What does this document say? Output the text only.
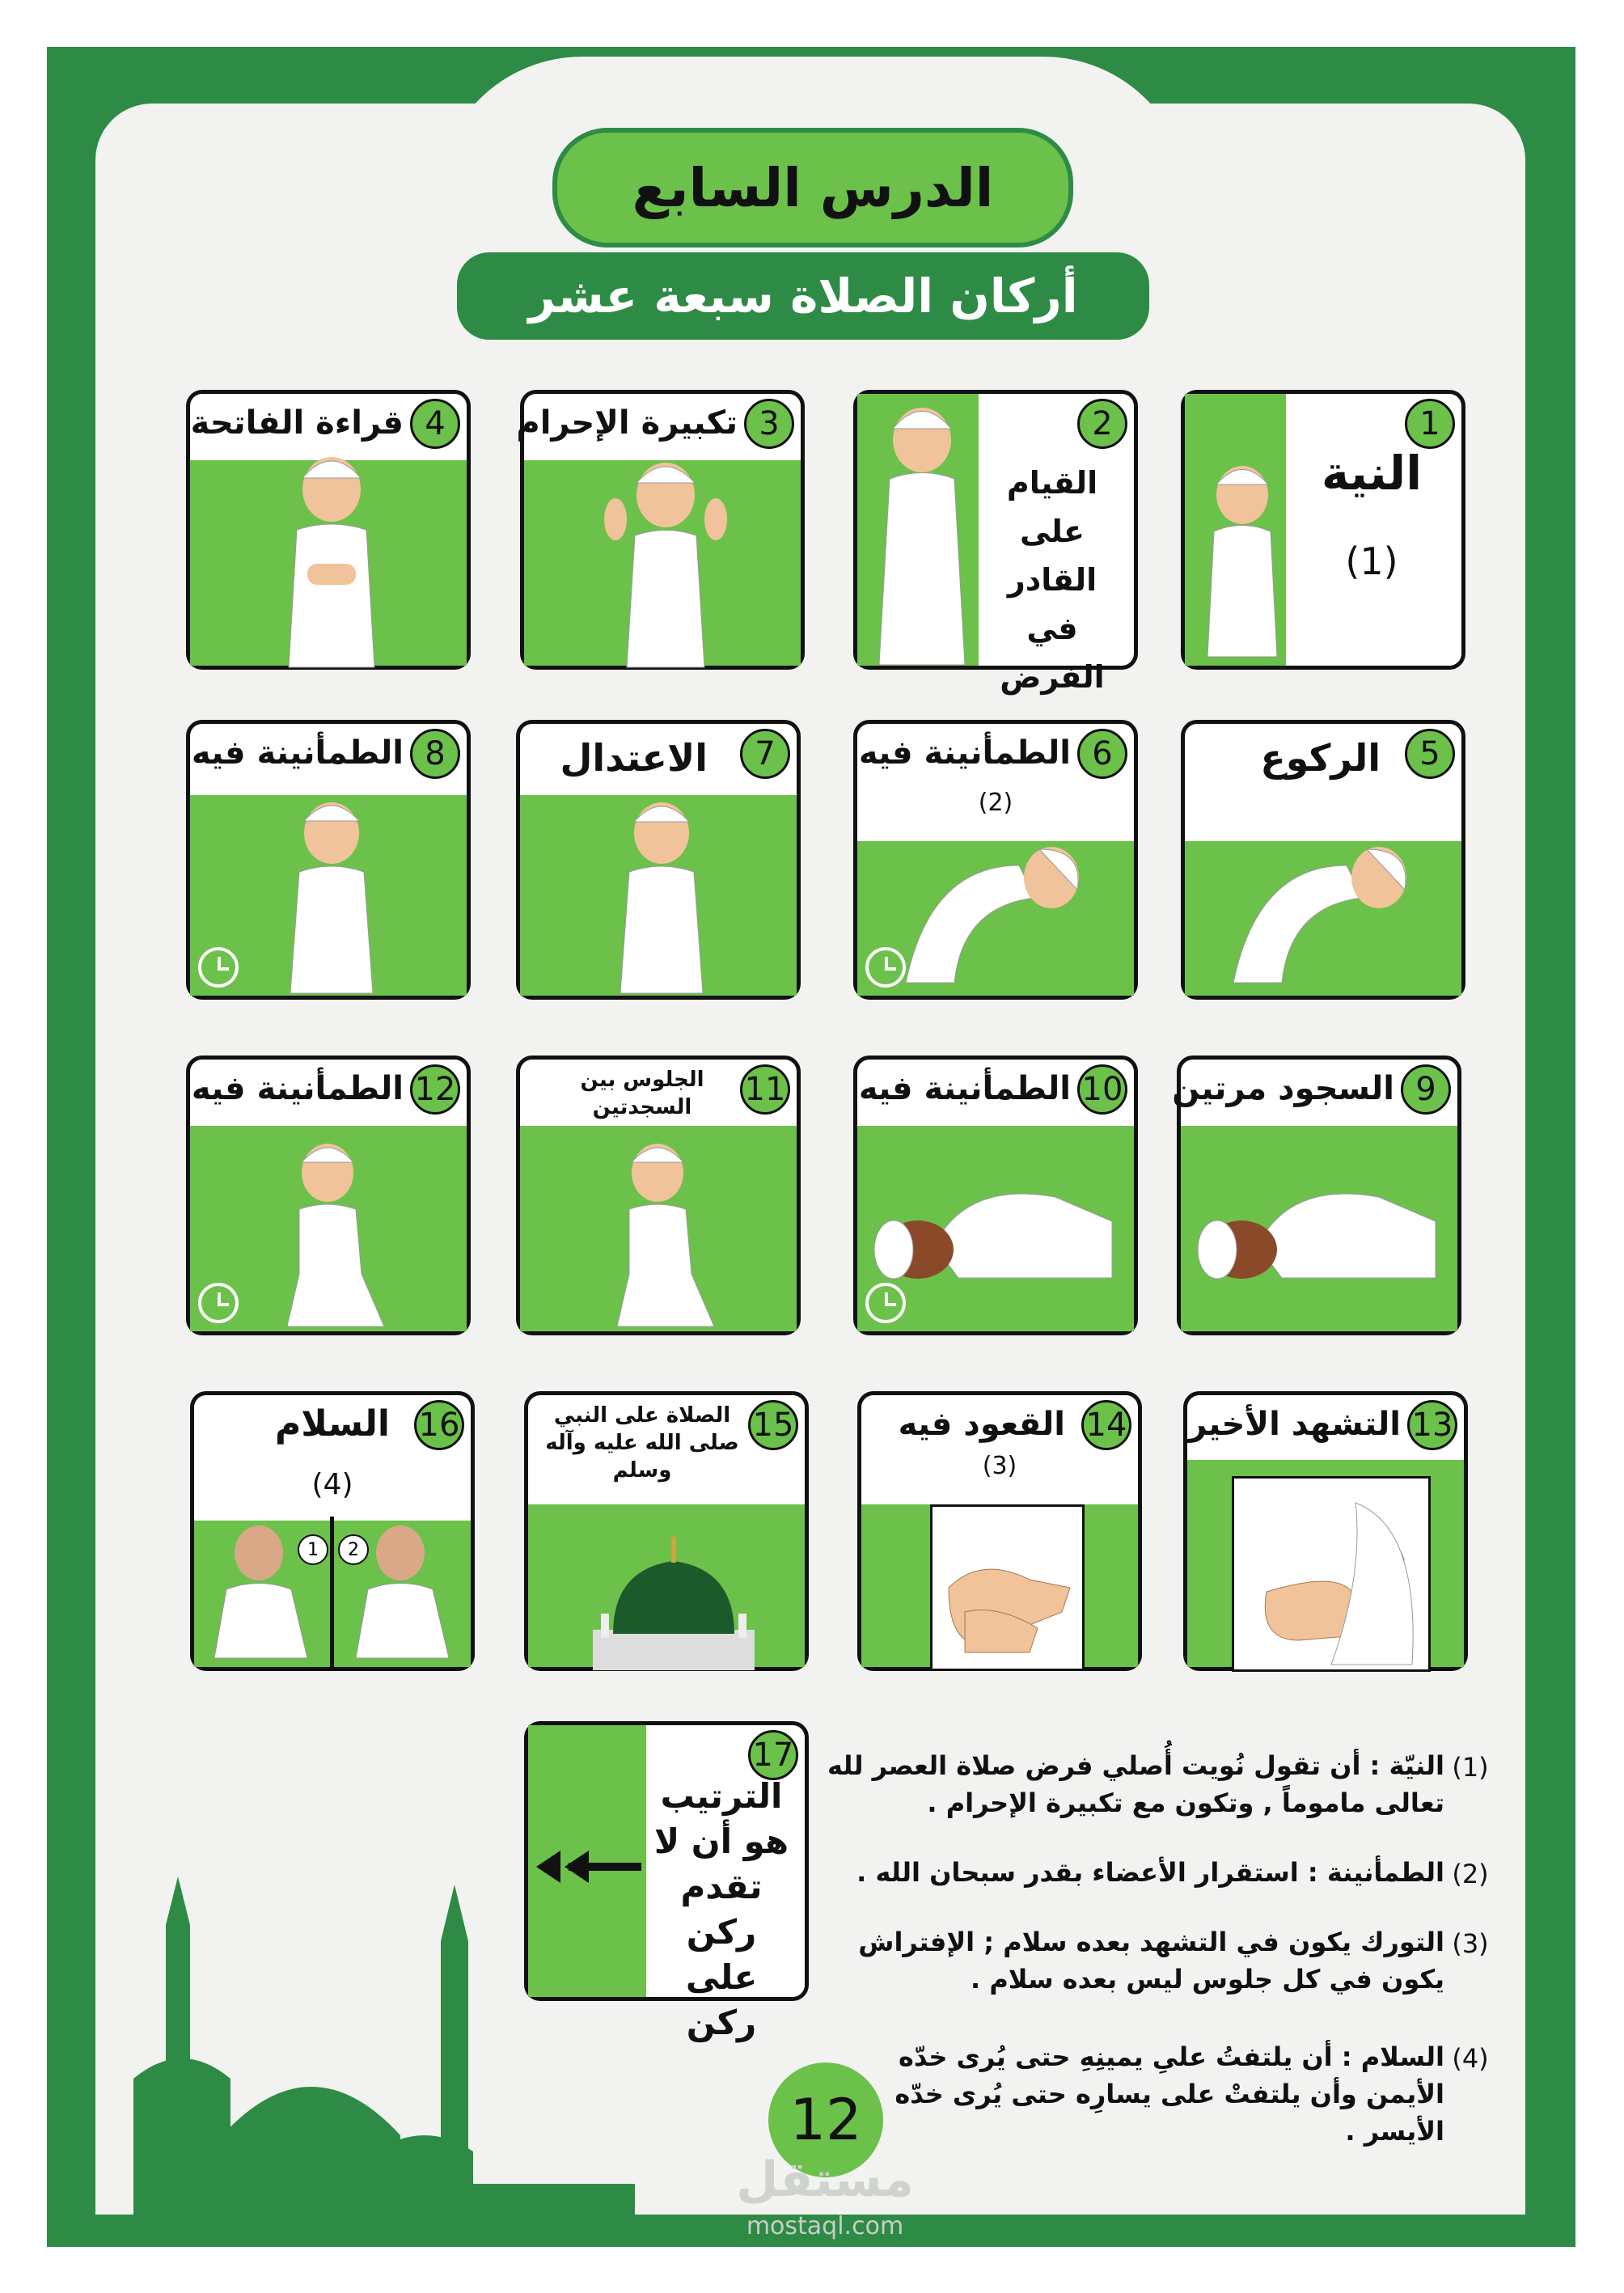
الدرس السابع
أركان الصلاة سبعة عشر
1
النية
(1)
2
القيام على القادر في الفرض
3
تكبيرة الإحرام
4
قراءة الفاتحة
5
الركوع
6
الطمأنينة فيه
(2)
7
الاعتدال
8
الطمأنينة فيه
9
السجود مرتين
10
الطمأنينة فيه
11
الجلوس بين السجدتين
12
الطمأنينة فيه
13
التشهد الأخير
14
القعود فيه
(3)
15
الصلاة على النبي صلى الله عليه وآله وسلم
16
السلام
(4)
1	2
17
الترتيب هو أن لا تقدم ركن على ركن
(1)
النيّة : أن تقول نُويت أُصلي فرض صلاة العصر لله تعالى ماموماً , وتكون مع تكبيرة الإحرام .
(2)
الطمأنينة : استقرار الأعضاء بقدر سبحان الله .
(3)
التورك يكون في التشهد بعده سلام ; الإفتراش يكون في كل جلوس ليس بعده سلام .
(4)
السلام : أن يلتفتُ علىِ يمينِهِ حتى يُرى خدّه الأيمن وأن يلتفتْ على يسارِه حتى يُرى خدّه الأيسر .
12
مستقل
mostaql.com
